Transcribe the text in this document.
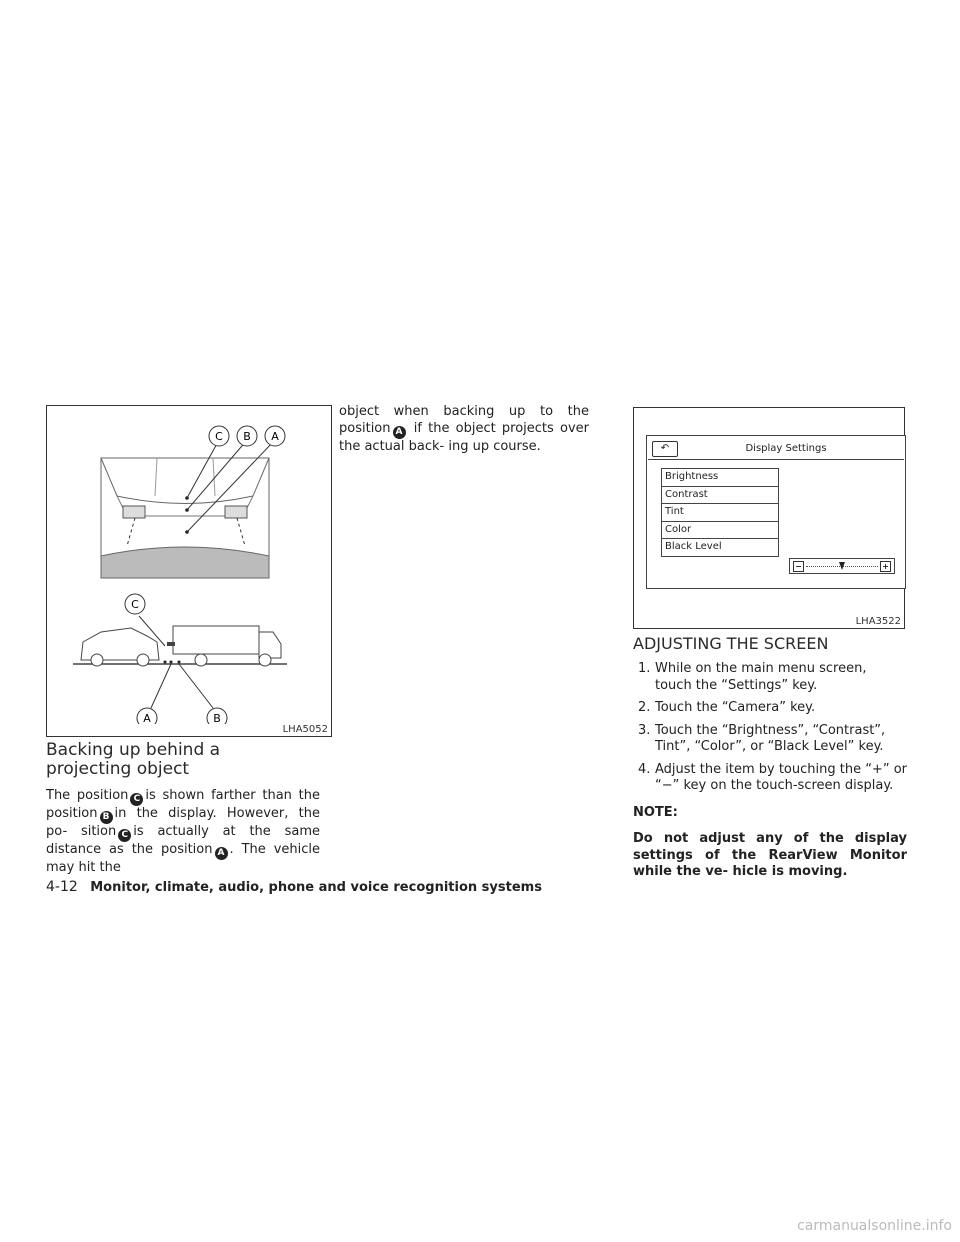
C B A
C
A	B
LHA5052
Backing up behind a projecting object

The position C is shown farther than the position B in the display. However, the po- sition C is actually at the same distance as the position A . The vehicle may hit the

object when backing up to the position A if the object projects over the actual back- ing up course.	↶	Display Settings
Brightness
Contrast
Tint
Color
Black Level
−	+
LHA3522
ADJUSTING THE SCREEN
1. While on the main menu screen, touch the “Settings” key.
2. Touch the “Camera” key.
3. Touch the “Brightness”, “Contrast”, Tint”, “Color”, or “Black Level” key.
4. Adjust the item by touching the “+” or “−” key on the touch-screen display.

NOTE:

Do not adjust any of the display settings of the RearView Monitor while the ve- hicle is moving.

4-12 Monitor, climate, audio, phone and voice recognition systems
carmanualsonline.info
